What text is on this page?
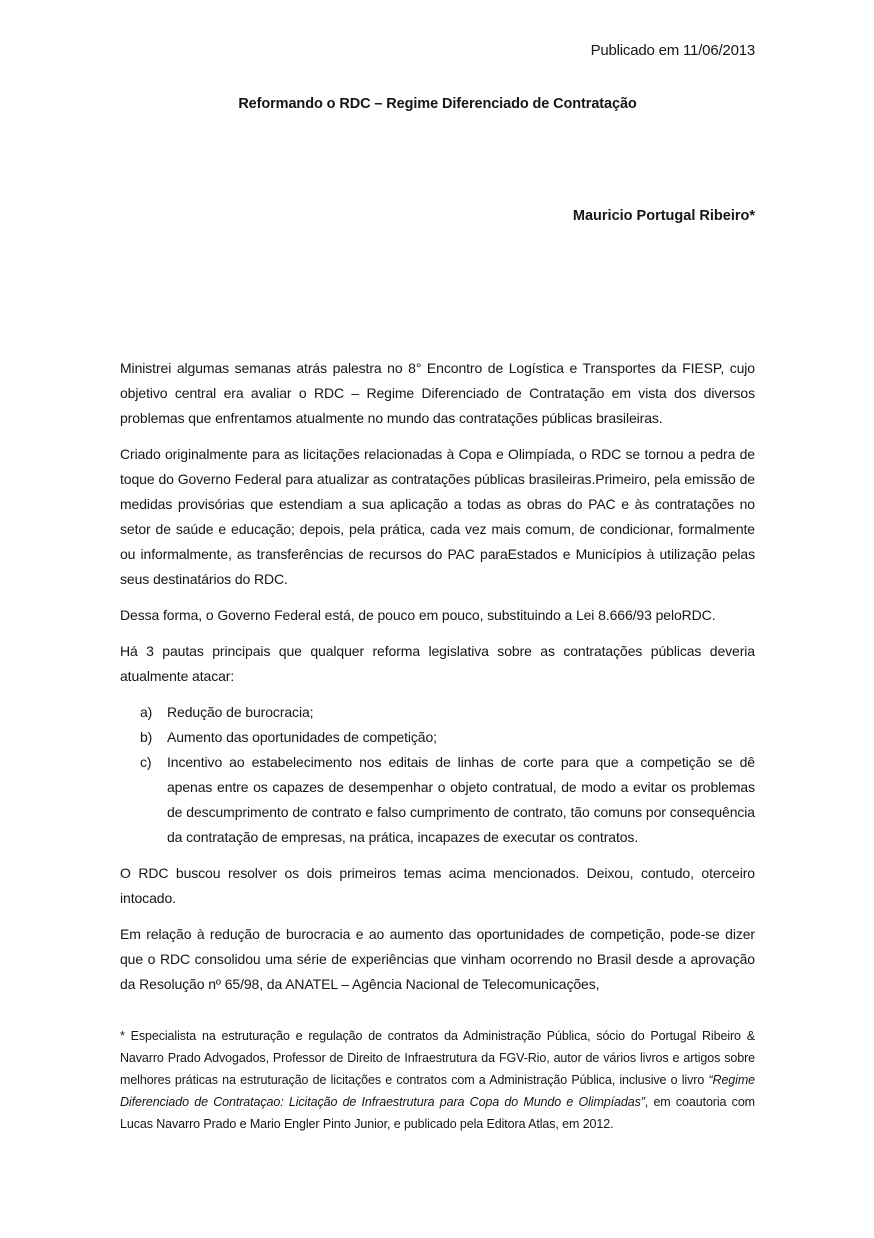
Publicado em 11/06/2013
Reformando o RDC – Regime Diferenciado de Contratação
Mauricio Portugal Ribeiro*

Ministrei algumas semanas atrás palestra no 8° Encontro de Logística e Transportes da FIESP, cujo objetivo central era avaliar o RDC – Regime Diferenciado de Contratação em vista dos diversos problemas que enfrentamos atualmente no mundo das contratações públicas brasileiras.

Criado originalmente para as licitações relacionadas à Copa e Olimpíada, o RDC se tornou a pedra de toque do Governo Federal para atualizar as contratações públicas brasileiras.Primeiro, pela emissão de medidas provisórias que estendiam a sua aplicação a todas as obras do PAC e às contratações no setor de saúde e educação; depois, pela prática, cada vez mais comum, de condicionar, formalmente ou informalmente, as transferências de recursos do PAC paraEstados e Municípios à utilização pelas seus destinatários do RDC.

Dessa forma, o Governo Federal está, de pouco em pouco, substituindo a Lei 8.666/93 peloRDC.

Há 3 pautas principais que qualquer reforma legislativa sobre as contratações públicas deveria atualmente atacar:

a)	Redução de burocracia;
b)	Aumento das oportunidades de competição;
c)	Incentivo ao estabelecimento nos editais de linhas de corte para que a competição se dê apenas entre os capazes de desempenhar o objeto contratual, de modo a evitar os problemas de descumprimento de contrato e falso cumprimento de contrato, tão comuns por consequência da contratação de empresas, na prática, incapazes de executar os contratos.

O RDC buscou resolver os dois primeiros temas acima mencionados. Deixou, contudo, oterceiro intocado.

Em relação à redução de burocracia e ao aumento das oportunidades de competição, pode-se dizer que o RDC consolidou uma série de experiências que vinham ocorrendo no Brasil desde a aprovação da Resolução nº 65/98, da ANATEL – Agência Nacional de Telecomunicações,

* Especialista na estruturação e regulação de contratos da Administração Pública, sócio do Portugal Ribeiro & Navarro Prado Advogados, Professor de Direito de Infraestrutura da FGV-Rio, autor de vários livros e artigos sobre melhores práticas na estruturação de licitações e contratos com a Administração Pública, inclusive o livro “Regime Diferenciado de Contrataçao: Licitação de Infraestrutura para Copa do Mundo e Olimpíadas”, em coautoria com Lucas Navarro Prado e Mario Engler Pinto Junior, e publicado pela Editora Atlas, em 2012.
